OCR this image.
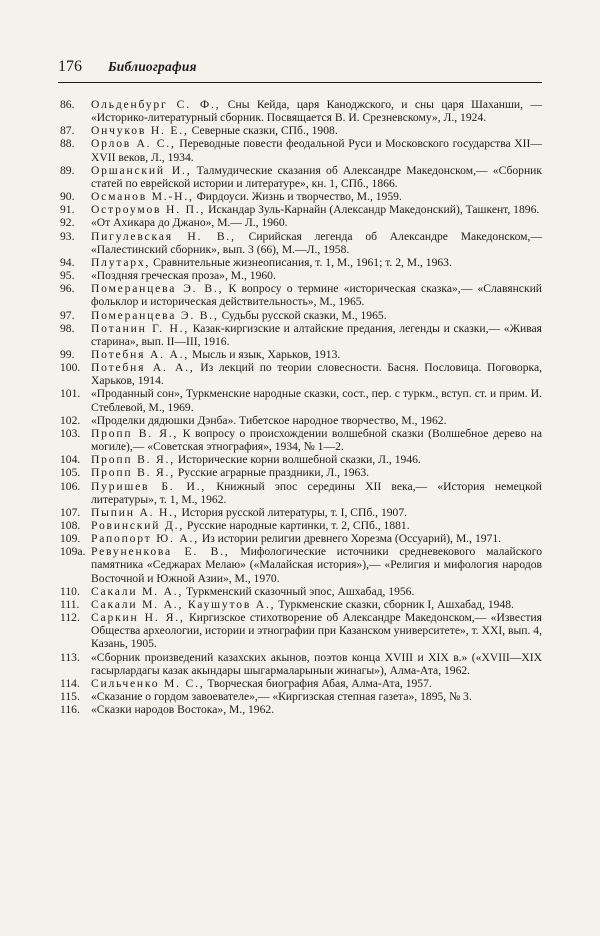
176 Библиография
86. Ольденбург С. Ф., Сны Кейда, царя Каноджского, и сны царя Шаханши, — «Историко-литературный сборник. Посвящается В. И. Срезневскому», Л., 1924.
87. Ончуков Н. Е., Северные сказки, СПб., 1908.
88. Орлов А. С., Переводные повести феодальной Руси и Московского государства XII—XVII веков, Л., 1934.
89. Оршанский И., Талмудические сказания об Александре Македонском,— «Сборник статей по еврейской истории и литературе», кн. 1, СПб., 1866.
90. Османов М.-Н., Фирдоуси. Жизнь и творчество, М., 1959.
91. Остроумов Н. П., Искандар Зуль-Карнайн (Александр Македонский), Ташкент, 1896.
92. «От Ахикара до Джано», М.— Л., 1960.
93. Пигулевская Н. В., Сирийская легенда об Александре Македонском,— «Палестинский сборник», вып. 3 (66), М.—Л., 1958.
94. Плутарх, Сравнительные жизнеописания, т. 1, М., 1961; т. 2, М., 1963.
95. «Поздняя греческая проза», М., 1960.
96. Померанцева Э. В., К вопросу о термине «историческая сказка»,— «Славянский фольклор и историческая действительность», М., 1965.
97. Померанцева Э. В., Судьбы русской сказки, М., 1965.
98. Потанин Г. Н., Казак-киргизские и алтайские предания, легенды и сказки,— «Живая старина», вып. II—III, 1916.
99. Потебня А. А., Мысль и язык, Харьков, 1913.
100. Потебня А. А., Из лекций по теории словесности. Басня. Пословица. Поговорка, Харьков, 1914.
101. «Проданный сон», Туркменские народные сказки, сост., пер. с туркм., вступ. ст. и прим. И. Стеблевой, М., 1969.
102. «Проделки дядюшки Дэнба». Тибетское народное творчество, М., 1962.
103. Пропп В. Я., К вопросу о происхождении волшебной сказки (Волшебное дерево на могиле),— «Советская этнография», 1934, № 1—2.
104. Пропп В. Я., Исторические корни волшебной сказки, Л., 1946.
105. Пропп В. Я., Русские аграрные праздники, Л., 1963.
106. Пуришев Б. И., Книжный эпос середины XII века,— «История немецкой литературы», т. 1, М., 1962.
107. Пыпин А. Н., История русской литературы, т. I, СПб., 1907.
108. Ровинский Д., Русские народные картинки, т. 2, СПб., 1881.
109. Рапопорт Ю. А., Из истории религии древнего Хорезма (Оссуарий), М., 1971.
109а. Ревуненкова Е. В., Мифологические источники средневекового малайского памятника «Седжарах Мелаю» («Малайская история»),— «Религия и мифология народов Восточной и Южной Азии», М., 1970.
110. Сакали М. А., Туркменский сказочный эпос, Ашхабад, 1956.
111. Сакали М. А., Каушутов А., Туркменские сказки, сборник I, Ашхабад, 1948.
112. Саркин Н. Я., Киргизское стихотворение об Александре Македонском,— «Известия Общества археологии, истории и этнографии при Казанском университете», т. XXI, вып. 4, Казань, 1905.
113. «Сборник произведений казахских акынов, поэтов конца XVIII и XIX в.» («XVIII—XIX гасырлардагы казак акындары шыгармаларыныи жинагы»), Алма-Ата, 1962.
114. Сильченко М. С., Творческая биография Абая, Алма-Ата, 1957.
115. «Сказание о гордом завоевателе»,— «Киргизская степная газета», 1895, № 3.
116. «Сказки народов Востока», М., 1962.
